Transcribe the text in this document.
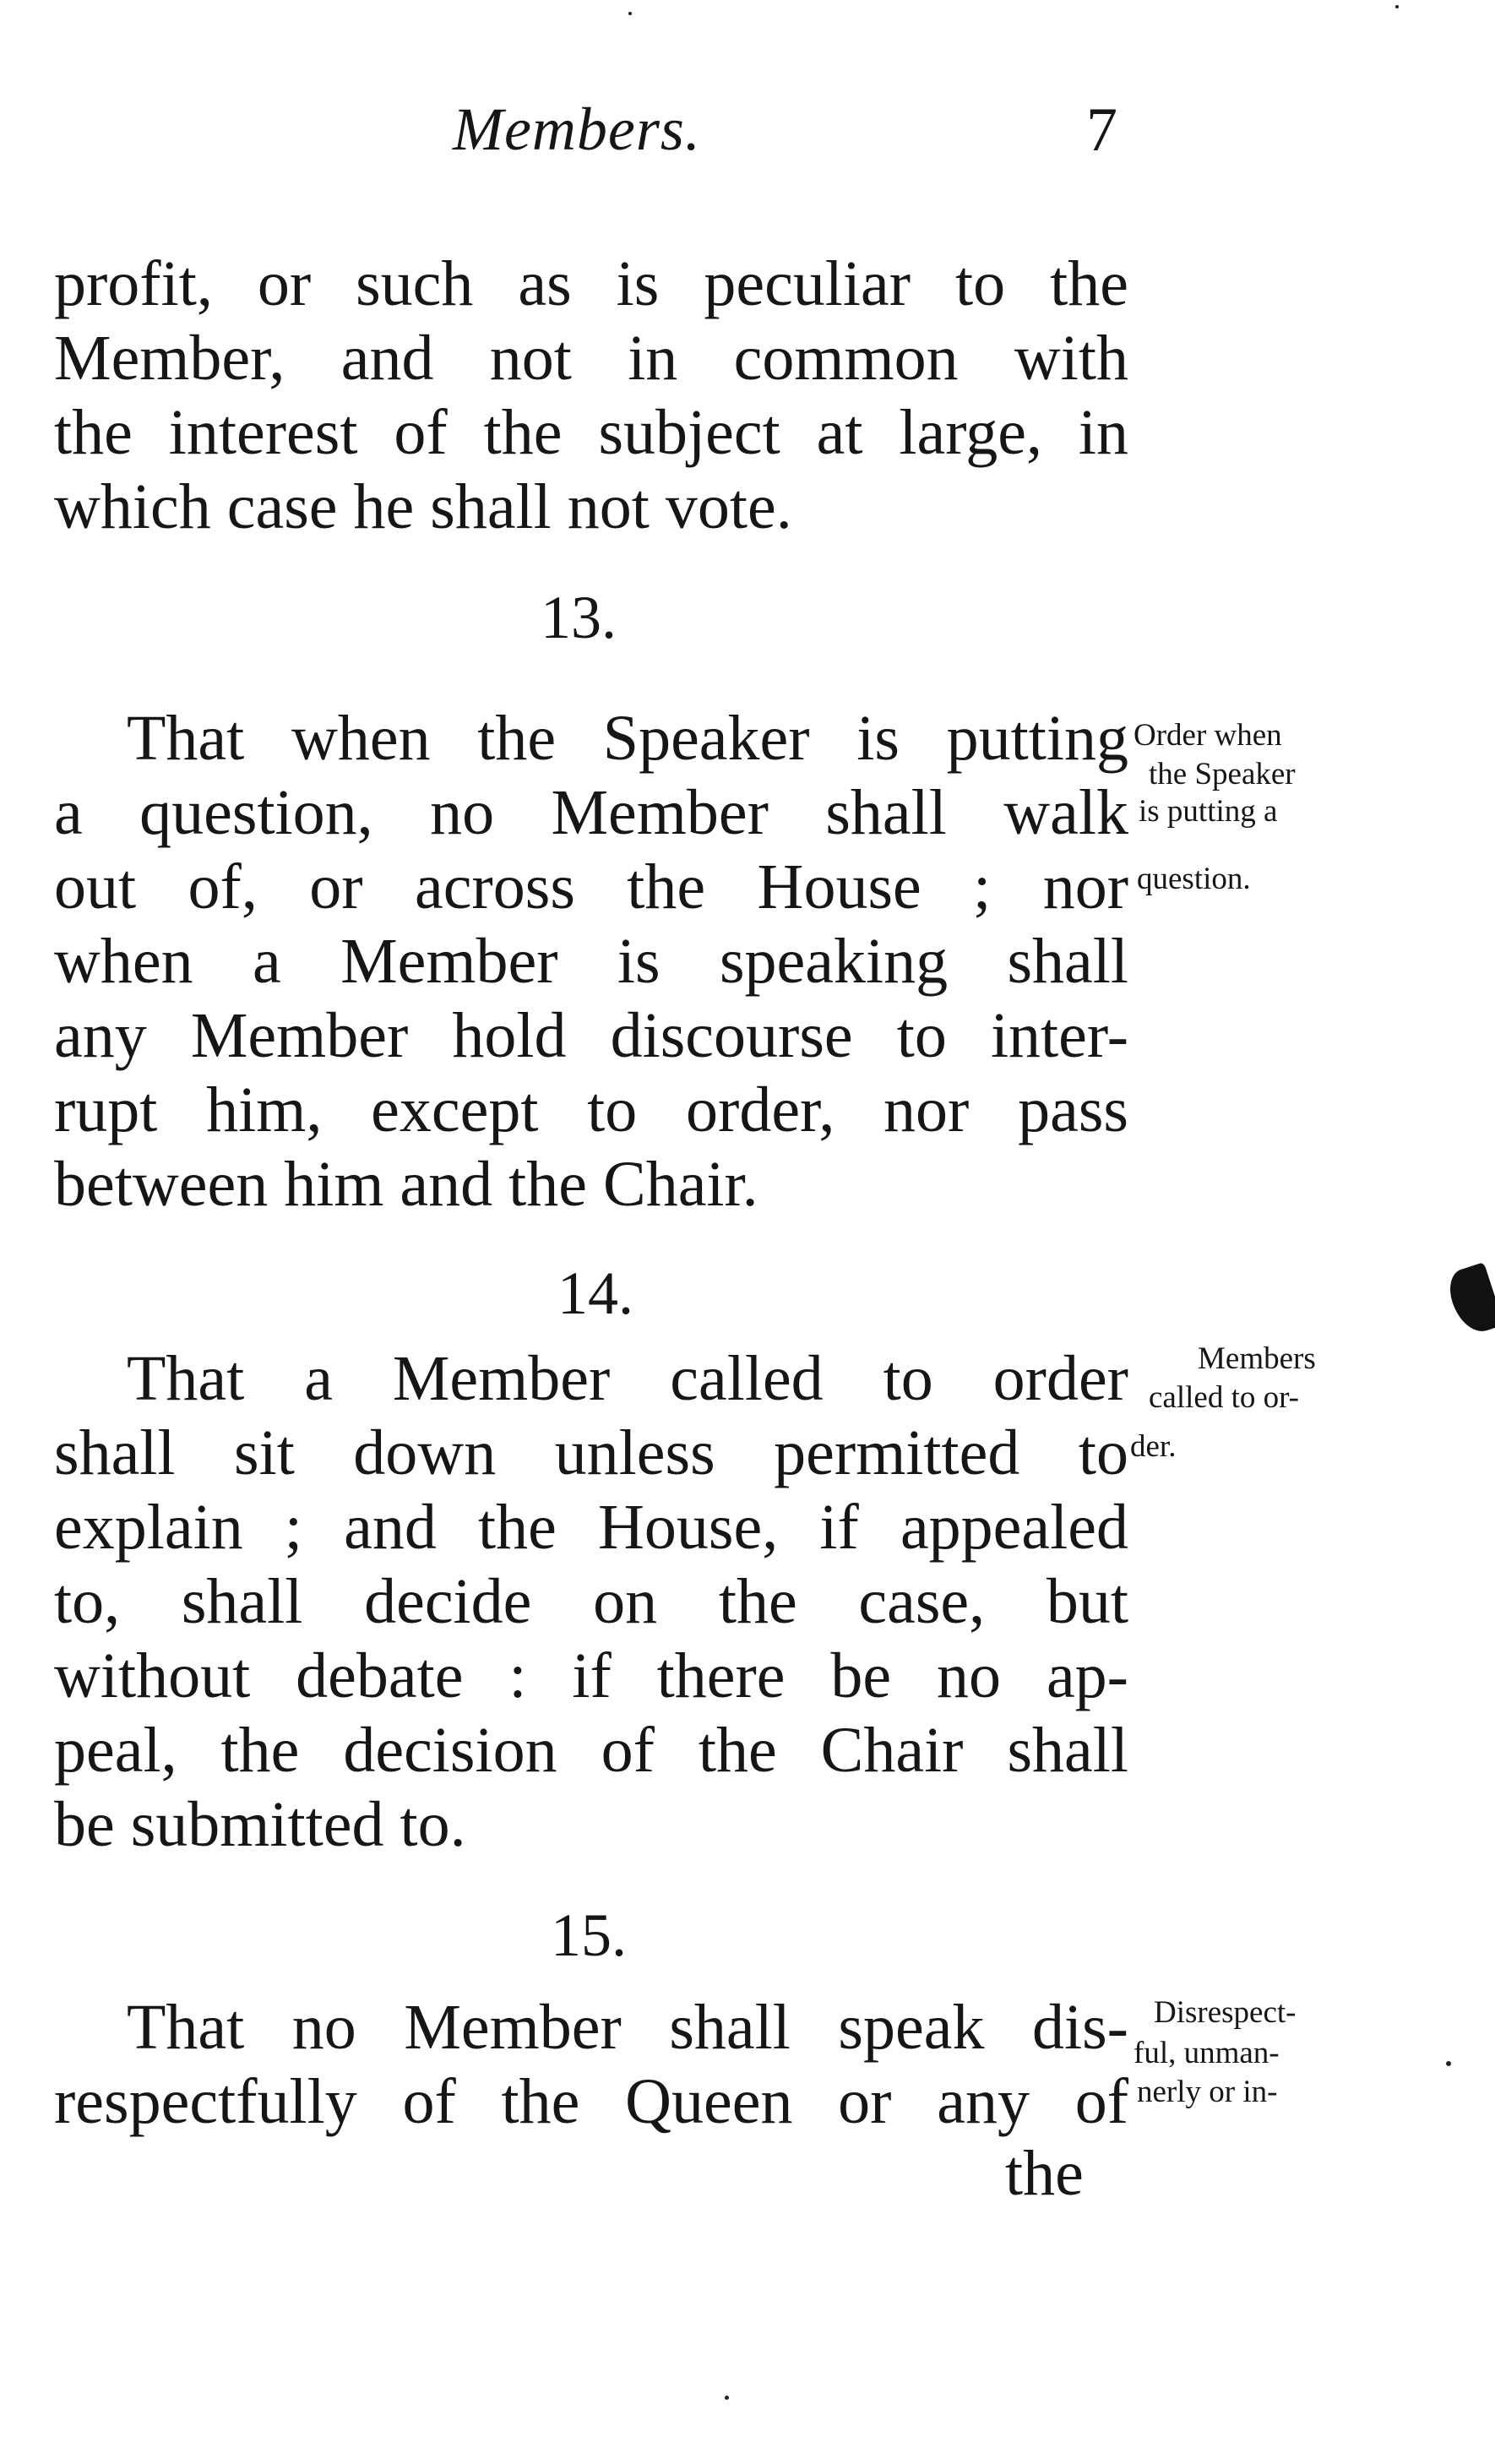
Members.	7
profit, or such as is peculiar to the
Member, and not in common with
the interest of the subject at large, in
which case he shall not vote.
13.
That when the Speaker is putting
a question, no Member shall walk
out of, or across the House ; nor
when a Member is speaking shall
any Member hold discourse to inter-
rupt him, except to order, nor pass
between him and the Chair.
Order when
the Speaker
is putting a
question.
14.
That a Member called to order
shall sit down unless permitted to
explain ; and the House, if appealed
to, shall decide on the case, but
without debate : if there be no ap-
peal, the decision of the Chair shall
be submitted to.
Members
called to or-
der.
15.
That no Member shall speak dis-
respectfully of the Queen or any of
Disrespect-
ful, unman-
nerly or in-
the
